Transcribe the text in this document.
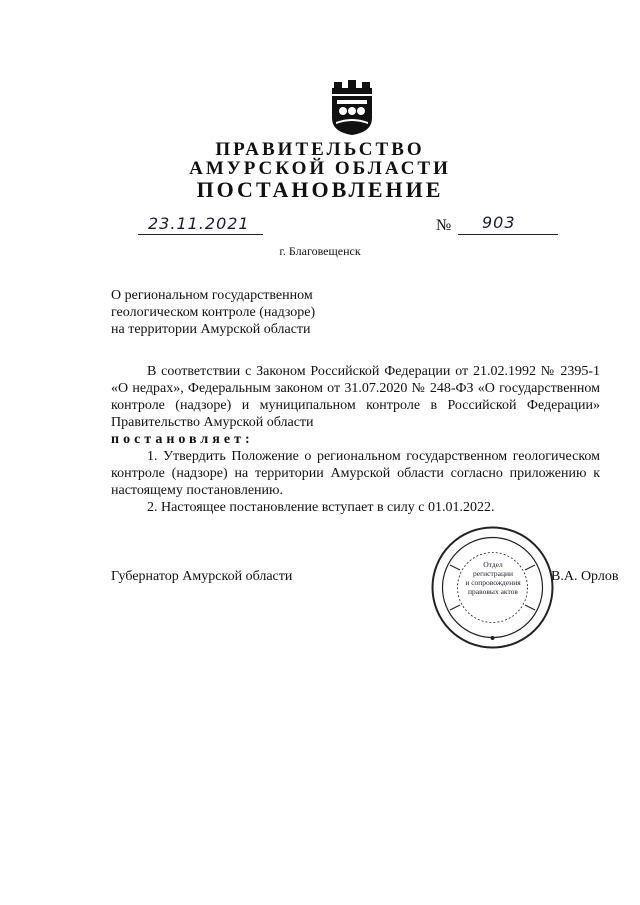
ПРАВИТЕЛЬСТВО
АМУРСКОЙ ОБЛАСТИ
ПОСТАНОВЛЕНИЕ
23.11.2021	№ 903
г. Благовещенск
О региональном государственном
геологическом контроле (надзоре)
на территории Амурской области

В соответствии с Законом Российской Федерации от 21.02.1992 № 2395-1 «О недрах», Федеральным законом от 31.07.2020 № 248-ФЗ «О государственном контроле (надзоре) и муниципальном контроле в Российской Федерации» Правительство Амурской области

постановляет:

1. Утвердить Положение о региональном государственном геологическом контроле (надзоре) на территории Амурской области согласно приложению к настоящему постановлению.

2. Настоящее постановление вступает в силу с 01.01.2022.

Губернатор Амурской области	В.А. Орлов
Отдел
регистрации
и сопровождения
правовых актов
